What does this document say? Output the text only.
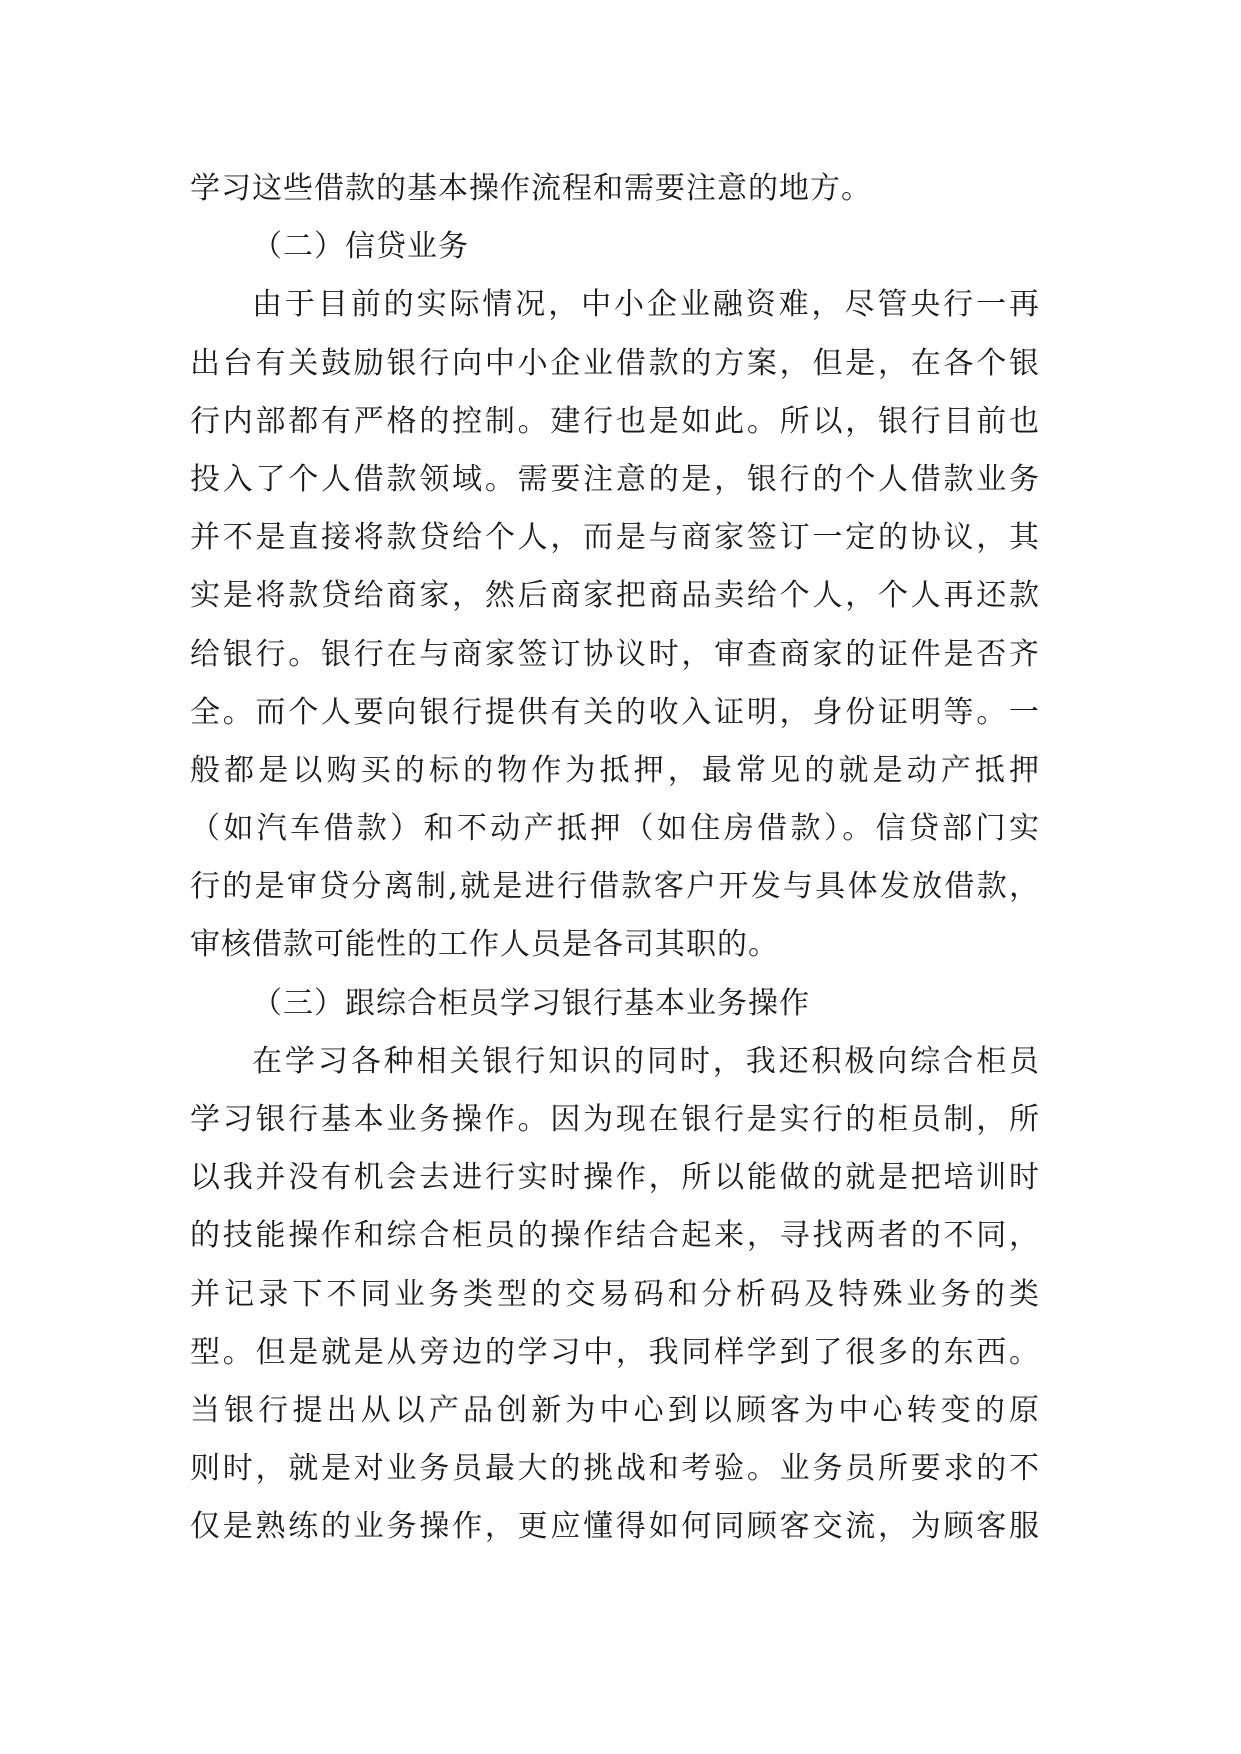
学习这些借款的基本操作流程和需要注意的地方。
（二）信贷业务
由于目前的实际情况，中小企业融资难，尽管央行一再
出台有关鼓励银行向中小企业借款的方案，但是，在各个银
行内部都有严格的控制。建行也是如此。所以，银行目前也
投入了个人借款领域。需要注意的是，银行的个人借款业务
并不是直接将款贷给个人，而是与商家签订一定的协议，其
实是将款贷给商家，然后商家把商品卖给个人，个人再还款
给银行。银行在与商家签订协议时，审查商家的证件是否齐
全。而个人要向银行提供有关的收入证明，身份证明等。一
般都是以购买的标的物作为抵押，最常见的就是动产抵押
（如汽车借款）和不动产抵押（如住房借款）。信贷部门实
行的是审贷分离制,就是进行借款客户开发与具体发放借款，
审核借款可能性的工作人员是各司其职的。
（三）跟综合柜员学习银行基本业务操作
在学习各种相关银行知识的同时，我还积极向综合柜员
学习银行基本业务操作。因为现在银行是实行的柜员制，所
以我并没有机会去进行实时操作，所以能做的就是把培训时
的技能操作和综合柜员的操作结合起来，寻找两者的不同，
并记录下不同业务类型的交易码和分析码及特殊业务的类
型。但是就是从旁边的学习中，我同样学到了很多的东西。
当银行提出从以产品创新为中心到以顾客为中心转变的原
则时，就是对业务员最大的挑战和考验。业务员所要求的不
仅是熟练的业务操作，更应懂得如何同顾客交流，为顾客服
